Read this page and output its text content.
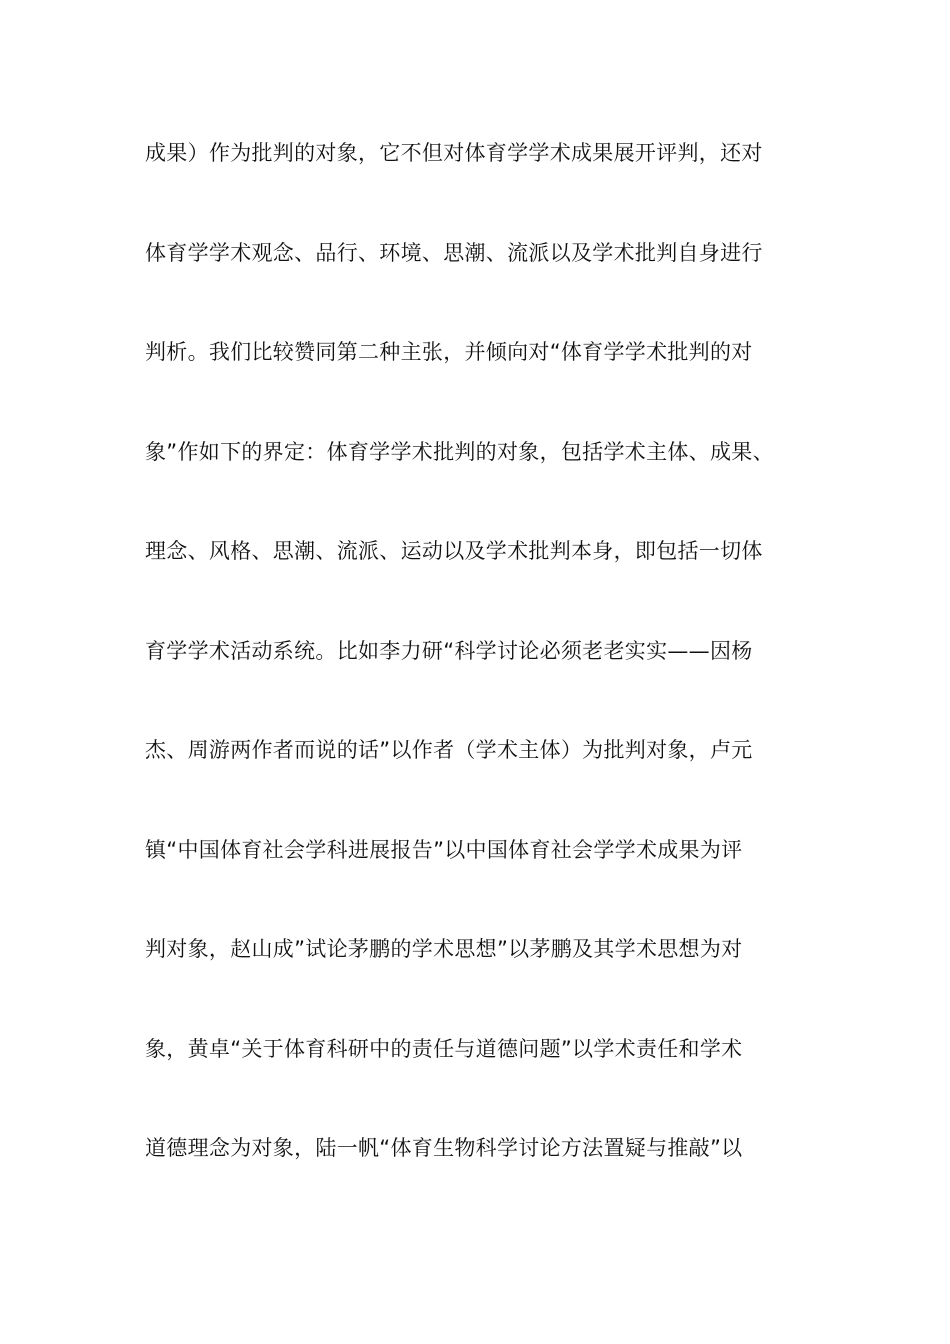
成果）作为批判的对象，它不但对体育学学术成果展开评判，还对
体育学学术观念、品行、环境、思潮、流派以及学术批判自身进行
判析。我们比较赞同第二种主张，并倾向对“体育学学术批判的对
象”作如下的界定：体育学学术批判的对象，包括学术主体、成果、
理念、风格、思潮、流派、运动以及学术批判本身，即包括一切体
育学学术活动系统。比如李力研“科学讨论必须老老实实——因杨
杰、周游两作者而说的话”以作者（学术主体）为批判对象，卢元
镇“中国体育社会学科进展报告”以中国体育社会学学术成果为评
判对象，赵山成”试论茅鹏的学术思想”以茅鹏及其学术思想为对
象，黄卓“关于体育科研中的责任与道德问题”以学术责任和学术
道德理念为对象，陆一帆“体育生物科学讨论方法置疑与推敲”以
